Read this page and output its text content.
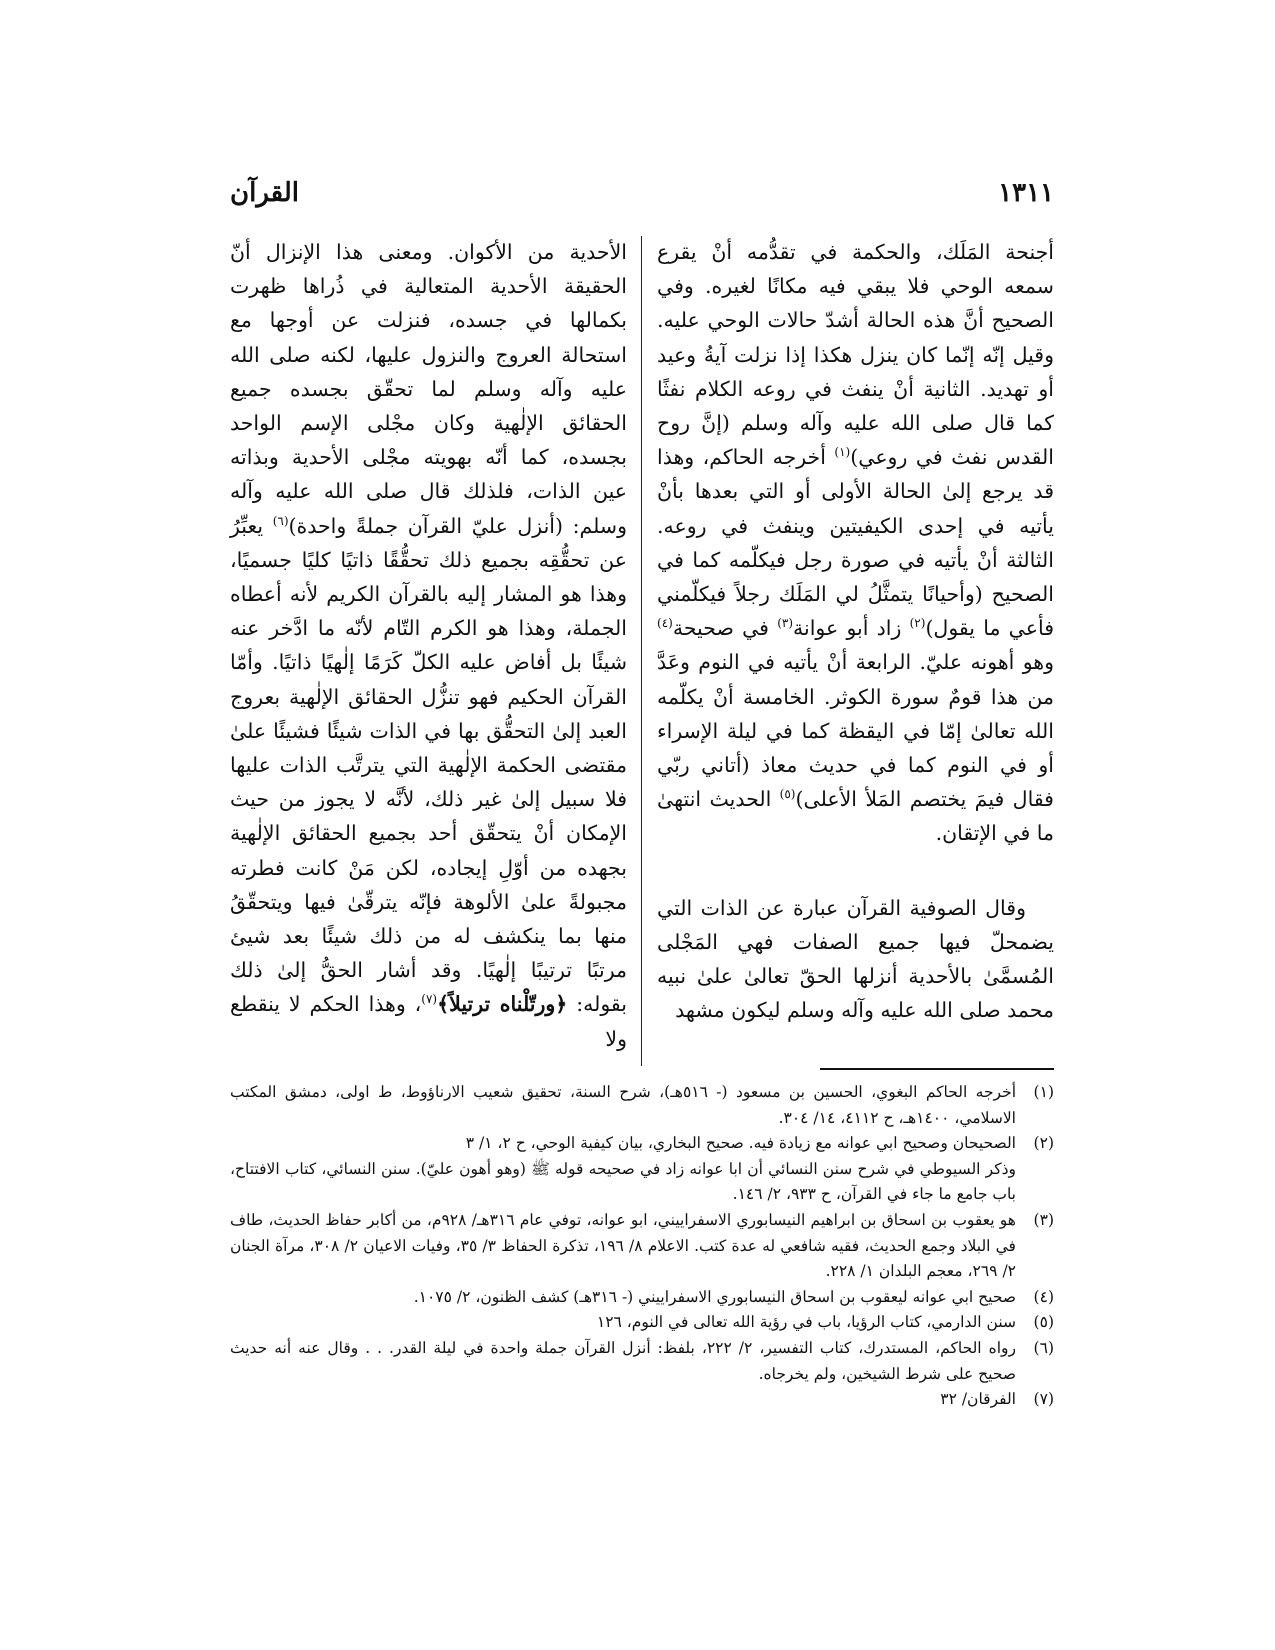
١٣١١
القرآن

أجنحة المَلَك، والحكمة في تقدُّمه أنْ يقرع سمعه الوحي فلا يبقي فيه مكانًا لغيره. وفي الصحيح أنَّ هذه الحالة أشدّ حالات الوحي عليه. وقيل إنّه إنّما كان ينزل هكذا إذا نزلت آيةُ وعيد أو تهديد. الثانية أنْ ينفث في روعه الكلام نفثًا كما قال صلى الله عليه وآله وسلم (إنَّ روح القدس نفث في روعي)$^{(١)}$ أخرجه الحاكم، وهذا قد يرجع إلىٰ الحالة الأولى أو التي بعدها بأنْ يأتيه في إحدى الكيفيتين وينفث في روعه. الثالثة أنْ يأتيه في صورة رجل فيكلّمه كما في الصحيح (وأحيانًا يتمثَّلُ لي المَلَك رجلاً فيكلّمني فأعي ما يقول)$^{(٢)}$ زاد أبو عوانة$^{(٣)}$ في صحيحة$^{(٤)}$ وهو أهونه عليّ. الرابعة أنْ يأتيه في النوم وعَدَّ من هذا قومٌ سورة الكوثر. الخامسة أنْ يكلّمه الله تعالىٰ إمّا في اليقظة كما في ليلة الإسراء أو في النوم كما في حديث معاذ (أتاني ربّي فقال فيمَ يختصم المَلأ الأعلى)$^{(٥)}$ الحديث انتهىٰ ما في الإتقان.

وقال الصوفية القرآن عبارة عن الذات التي يضمحلّ فيها جميع الصفات فهي المَجْلى المُسمَّىٰ بالأحدية أنزلها الحقّ تعالىٰ علىٰ نبيه محمد صلى الله عليه وآله وسلم ليكون مشهد

الأحدية من الأكوان. ومعنى هذا الإنزال أنّ الحقيقة الأحدية المتعالية في ذُراها ظهرت بكمالها في جسده، فنزلت عن أوجها مع استحالة العروج والنزول عليها، لكنه صلى الله عليه وآله وسلم لما تحقّق بجسده جميع الحقائق الإلٰهية وكان مجْلى الإسم الواحد بجسده، كما أنّه بهويته مجْلى الأحدية وبذاته عين الذات، فلذلك قال صلى الله عليه وآله وسلم: (أنزل عليّ القرآن جملةً واحدة)$^{(٦)}$ يعبِّرُ عن تحقُّقِه بجميع ذلك تحقُّقًا ذاتيًا كليًا جسميًا، وهذا هو المشار إليه بالقرآن الكريم لأنه أعطاه الجملة، وهذا هو الكرم التّام لأنّه ما ادَّخر عنه شيئًا بل أفاض عليه الكلّ كَرَمًا إلٰهيًا ذاتيًا. وأمّا القرآن الحكيم فهو تنزُّل الحقائق الإلٰهية بعروج العبد إلىٰ التحقُّق بها في الذات شيئًا فشيئًا علىٰ مقتضى الحكمة الإلٰهية التي يترتَّب الذات عليها فلا سبيل إلىٰ غير ذلك، لأنَّه لا يجوز من حيث الإمكان أنْ يتحقّق أحد بجميع الحقائق الإلٰهية بجهده من أوّلِ إيجاده، لكن مَنْ كانت فطرته مجبولةً علىٰ الألوهة فإنّه يترقّىٰ فيها ويتحقّقُ منها بما ينكشف له من ذلك شيئًا بعد شيئ مرتبًا ترتيبًا إلٰهيًا. وقد أشار الحقُّ إلىٰ ذلك بقوله: ﴿ورتّلْناه ترتيلاً﴾$^{(٧)}$، وهذا الحكم لا ينقطع ولا

(١)

أخرجه الحاكم البغوي، الحسين بن مسعود (- ٥١٦هـ)، شرح السنة، تحقيق شعيب الارناؤوط، ط اولى، دمشق المكتب الاسلامي، ١٤٠٠هـ، ح ٤١١٢، ١٤/ ٣٠٤.

(٢)

الصحيحان وصحيح ابي عوانه مع زيادة فيه. صحيح البخاري، بيان كيفية الوحي، ح ٢، ١/ ٣

وذكر السيوطي في شرح سنن النسائي أن ابا عوانه زاد في صحيحه قوله ﷺ (وهو أهون عليّ). سنن النسائي، كتاب الافتتاح، باب جامع ما جاء في القرآن، ح ٩٣٣، ٢/ ١٤٦.

(٣)

هو يعقوب بن اسحاق بن ابراهيم النيسابوري الاسفراييني، ابو عوانه، توفي عام ٣١٦هـ/ ٩٢٨م، من أكابر حفاظ الحديث، طاف في البلاد وجمع الحديث، فقيه شافعي له عدة كتب. الاعلام ٨/ ١٩٦، تذكرة الحفاظ ٣/ ٣٥، وفيات الاعيان ٢/ ٣٠٨، مرآة الجنان ٢/ ٢٦٩، معجم البلدان ١/ ٢٢٨.

(٤)

صحيح ابي عوانه ليعقوب بن اسحاق النيسابوري الاسفراييني (- ٣١٦هـ) كشف الظنون، ٢/ ١٠٧٥.

(٥)

سنن الدارمي، كتاب الرؤيا، باب في رؤية الله تعالى في النوم، ١٢٦

(٦)

رواه الحاكم، المستدرك، كتاب التفسير، ٢/ ٢٢٢، بلفظ: أنزل القرآن جملة واحدة في ليلة القدر. . . وقال عنه أنه حديث صحيح على شرط الشيخين، ولم يخرجاه.

(٧)

الفرقان/ ٣٢
